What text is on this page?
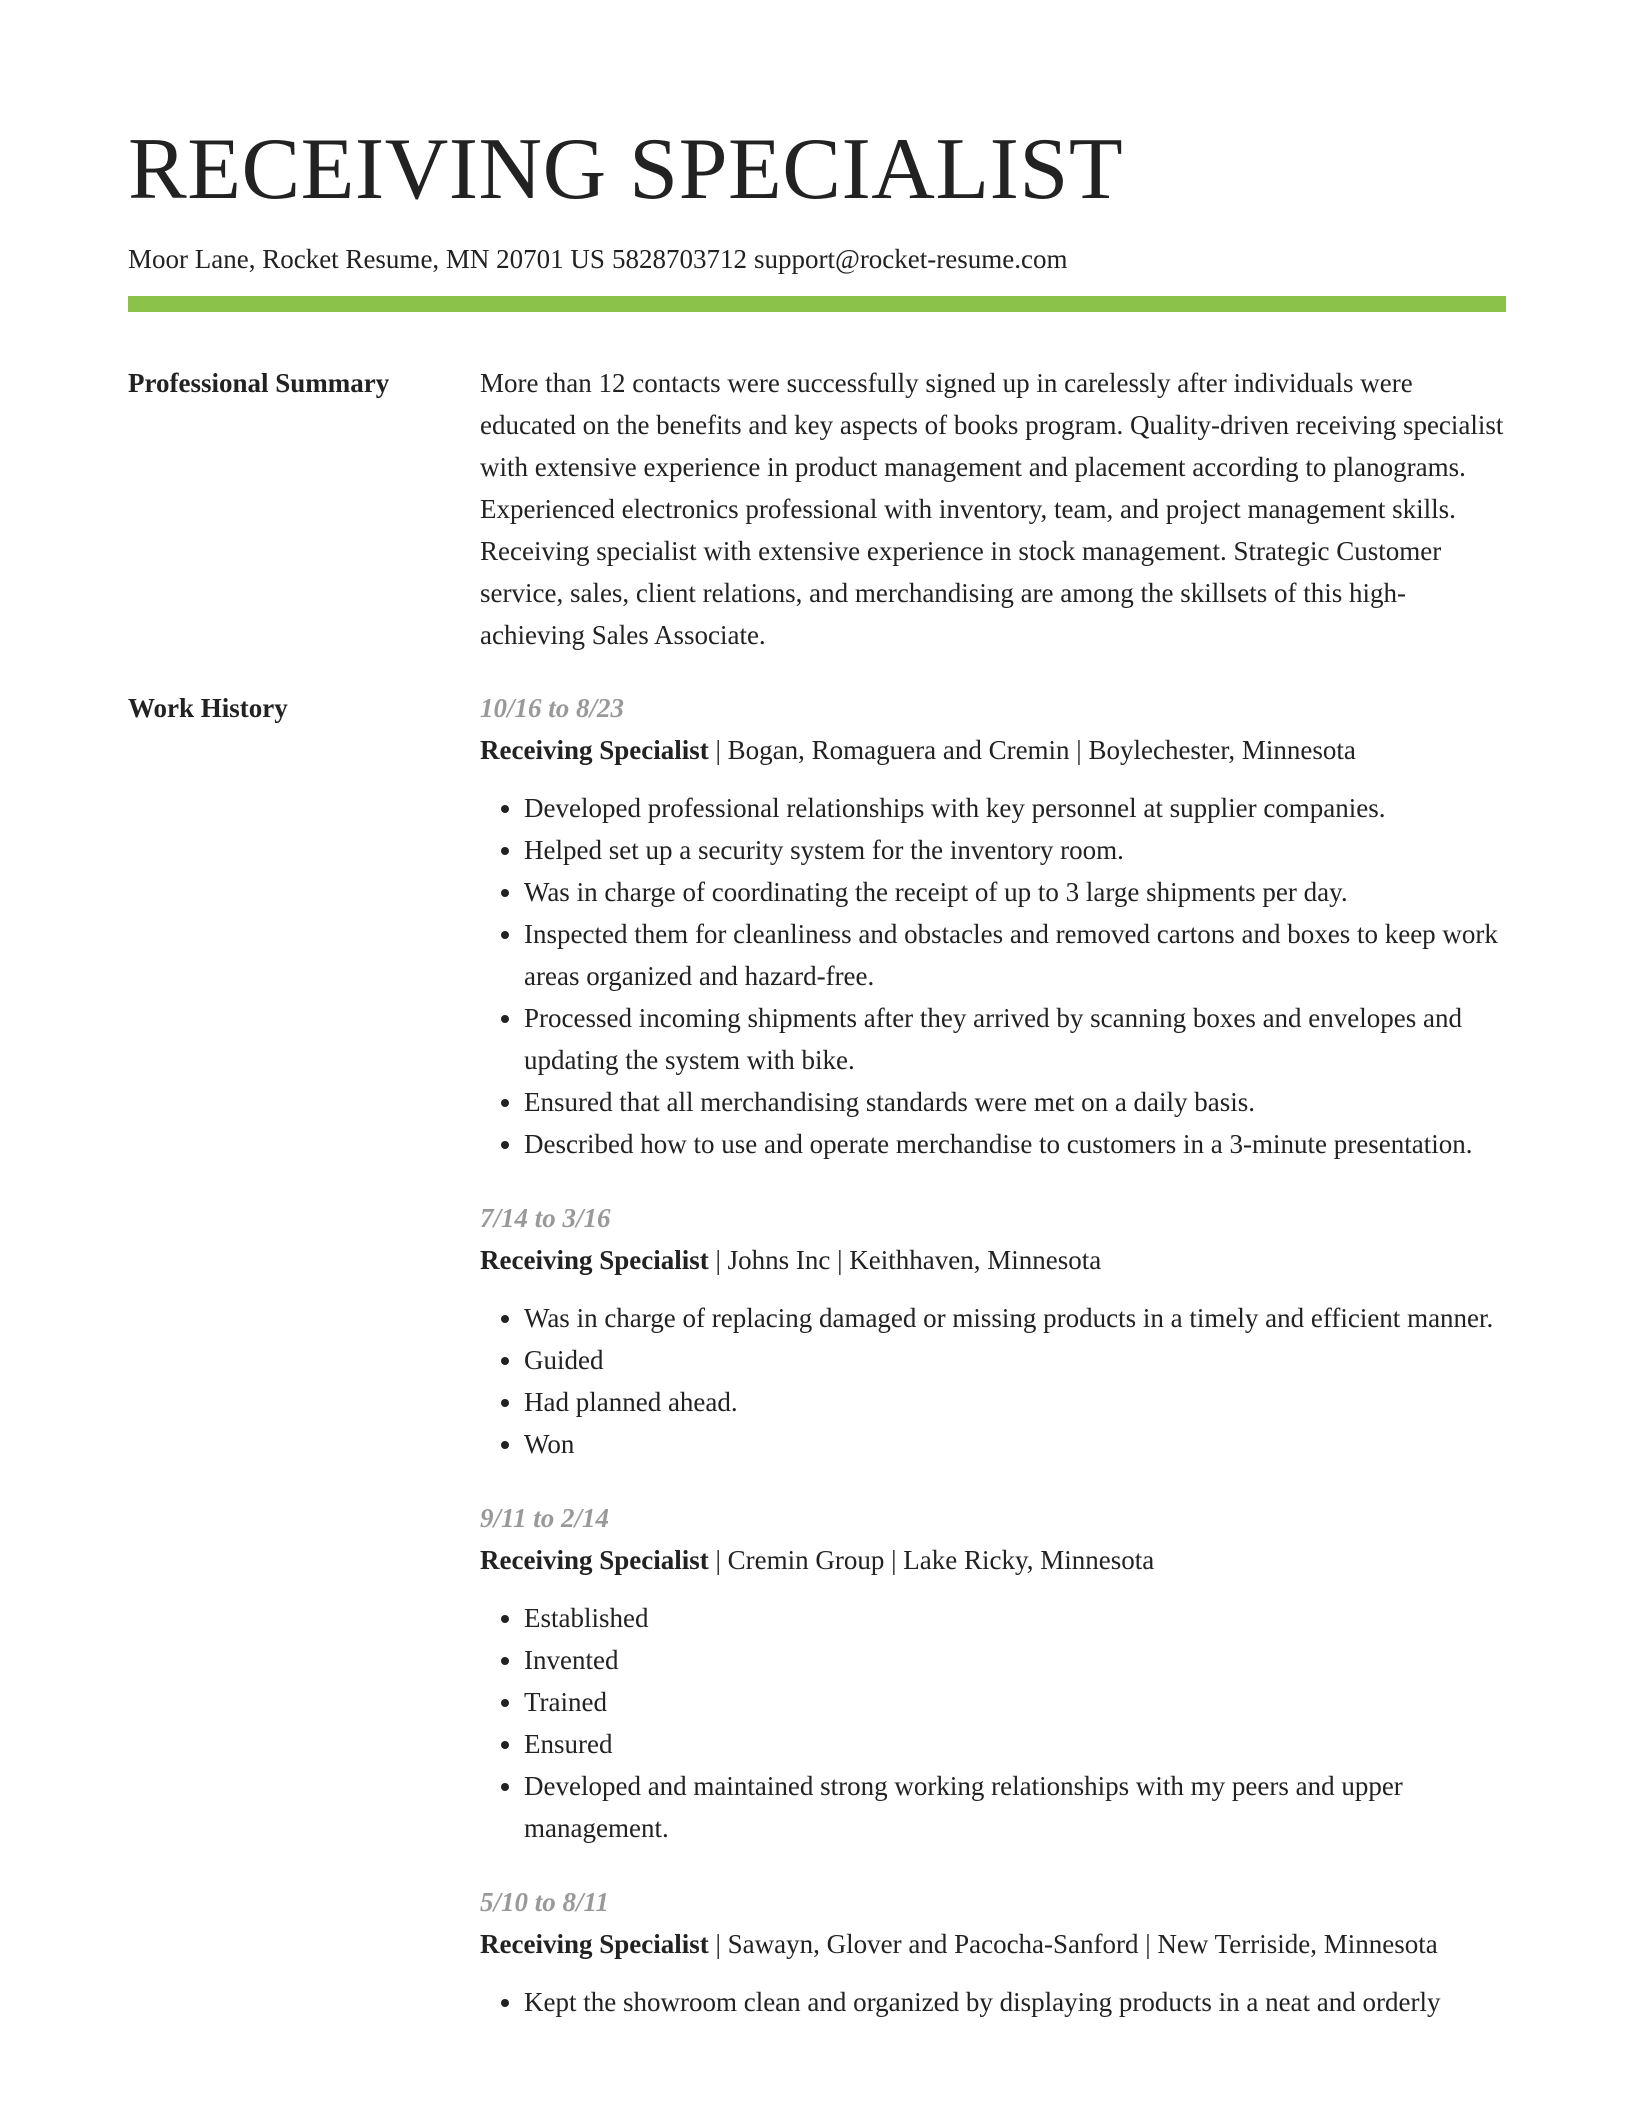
RECEIVING SPECIALIST
Moor Lane, Rocket Resume, MN 20701 US 5828703712 support@rocket-resume.com
Professional Summary	More than 12 contacts were successfully signed up in carelessly after individuals were educated on the benefits and key aspects of books program. Quality-driven receiving specialist with extensive experience in product management and placement according to planograms. Experienced electronics professional with inventory, team, and project management skills. Receiving specialist with extensive experience in stock management. Strategic Customer service, sales, client relations, and merchandising are among the skillsets of this high-achieving Sales Associate.

Work History	10/16 to 8/23
Receiving Specialist | Bogan, Romaguera and Cremin | Boylechester, Minnesota
• Developed professional relationships with key personnel at supplier companies.
• Helped set up a security system for the inventory room.
• Was in charge of coordinating the receipt of up to 3 large shipments per day.
• Inspected them for cleanliness and obstacles and removed cartons and boxes to keep work areas organized and hazard-free.
• Processed incoming shipments after they arrived by scanning boxes and envelopes and updating the system with bike.
• Ensured that all merchandising standards were met on a daily basis.
• Described how to use and operate merchandise to customers in a 3-minute presentation.
7/14 to 3/16
Receiving Specialist | Johns Inc | Keithhaven, Minnesota
• Was in charge of replacing damaged or missing products in a timely and efficient manner.
• Guided
• Had planned ahead.
• Won
9/11 to 2/14
Receiving Specialist | Cremin Group | Lake Ricky, Minnesota
• Established
• Invented
• Trained
• Ensured
• Developed and maintained strong working relationships with my peers and upper management.
5/10 to 8/11
Receiving Specialist | Sawayn, Glover and Pacocha-Sanford | New Terriside, Minnesota
• Kept the showroom clean and organized by displaying products in a neat and orderly
